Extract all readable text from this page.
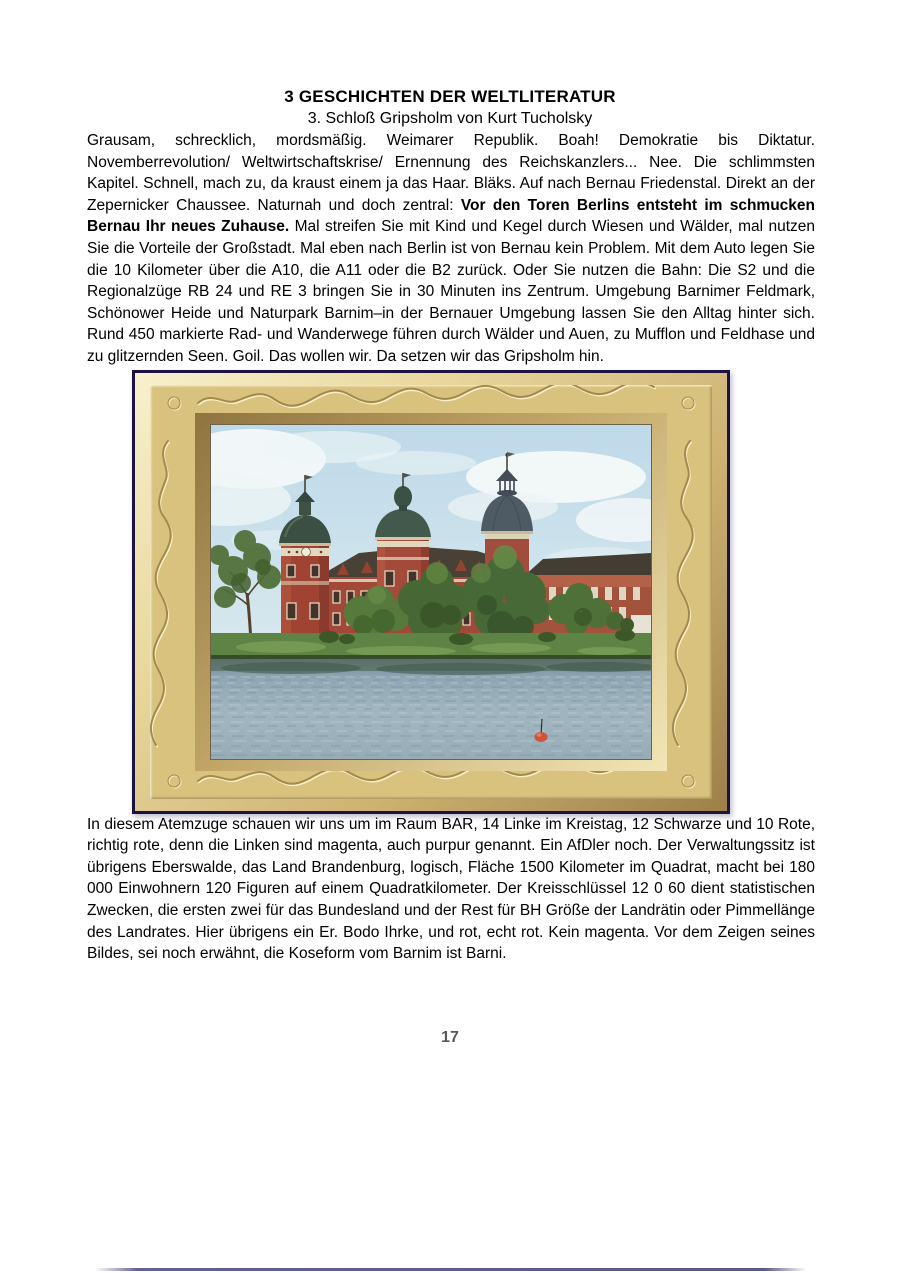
3 GESCHICHTEN DER WELTLITERATUR
3. Schloß Gripsholm von Kurt Tucholsky

Grausam, schrecklich, mordsmäßig. Weimarer Republik. Boah! Demokratie bis Diktatur. Novemberrevolution/ Weltwirtschaftskrise/ Ernennung des Reichskanzlers... Nee. Die schlimmsten Kapitel. Schnell, mach zu, da kraust einem ja das Haar. Bläks. Auf nach Bernau Friedenstal. Direkt an der Zepernicker Chaussee. Naturnah und doch zentral: Vor den Toren Berlins entsteht im schmucken Bernau Ihr neues Zuhause. Mal streifen Sie mit Kind und Kegel durch Wiesen und Wälder, mal nutzen Sie die Vorteile der Großstadt. Mal eben nach Berlin ist von Bernau kein Problem. Mit dem Auto legen Sie die 10 Kilometer über die A10, die A11 oder die B2 zurück. Oder Sie nutzen die Bahn: Die S2 und die Regionalzüge RB 24 und RE 3 bringen Sie in 30 Minuten ins Zentrum. Umgebung Barnimer Feldmark, Schönower Heide und Naturpark Barnim–in der Bernauer Umgebung lassen Sie den Alltag hinter sich. Rund 450 markierte Rad- und Wanderwege führen durch Wälder und Auen, zu Mufflon und Feldhase und zu glitzernden Seen. Goil. Das wollen wir. Da setzen wir das Gripsholm hin.

In diesem Atemzuge schauen wir uns um im Raum BAR, 14 Linke im Kreistag, 12 Schwarze und 10 Rote, richtig rote, denn die Linken sind magenta, auch purpur genannt. Ein AfDler noch. Der Verwaltungssitz ist übrigens Eberswalde, das Land Brandenburg, logisch, Fläche 1500 Kilometer im Quadrat, macht bei 180 000 Einwohnern 120 Figuren auf einem Quadratkilometer. Der Kreisschlüssel 12 0 60 dient statistischen Zwecken, die ersten zwei für das Bundesland und der Rest für BH Größe der Landrätin oder Pimmellänge des Landrates. Hier übrigens ein Er. Bodo Ihrke, und rot, echt rot. Kein magenta. Vor dem Zeigen seines Bildes, sei noch erwähnt, die Koseform vom Barnim ist Barni.

17
